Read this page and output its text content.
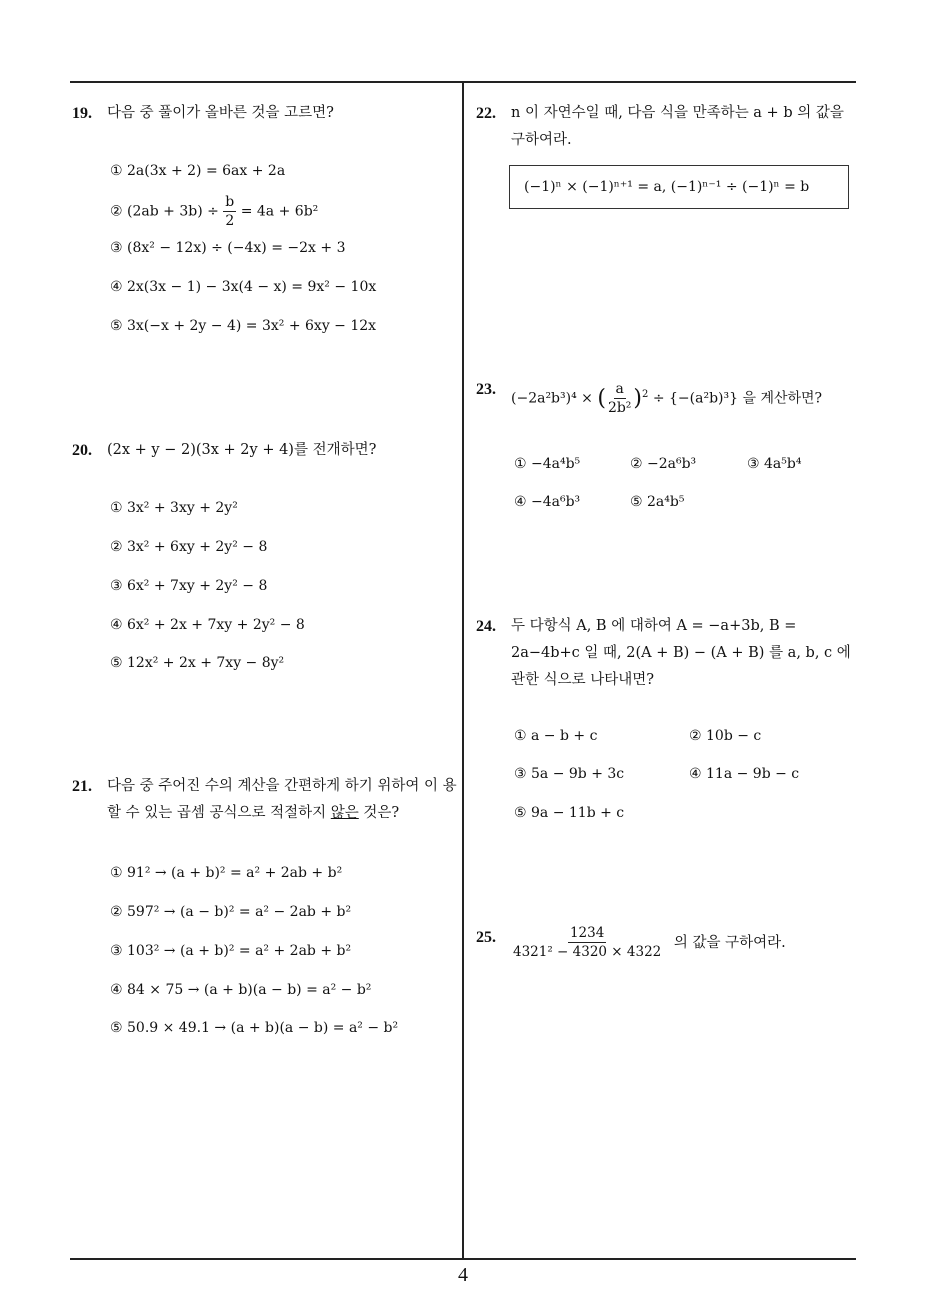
19.	다음 중 풀이가 올바른 것을 고르면?
① 2a(3x + 2) = 6ax + 2a
② $(2ab + 3b) \div \frac{b}{2} = 4a + 6b^2$
③ (8x² − 12x) ÷ (−4x) = −2x + 3
④ 2x(3x − 1) − 3x(4 − x) = 9x² − 10x
⑤ 3x(−x + 2y − 4) = 3x² + 6xy − 12x
20.	(2x + y − 2)(3x + 2y + 4)를 전개하면?
① 3x² + 3xy + 2y²
② 3x² + 6xy + 2y² − 8
③ 6x² + 7xy + 2y² − 8
④ 6x² + 2x + 7xy + 2y² − 8
⑤ 12x² + 2x + 7xy − 8y²
21.	다음 중 주어진 수의 계산을 간편하게 하기 위하여 이 용할 수 있는 곱셈 공식으로 적절하지 않은 것은?
① 91² → (a + b)² = a² + 2ab + b²
② 597² → (a − b)² = a² − 2ab + b²
③ 103² → (a + b)² = a² + 2ab + b²
④ 84 × 75 → (a + b)(a − b) = a² − b²
⑤ 50.9 × 49.1 → (a + b)(a − b) = a² − b²
22.	n 이 자연수일 때, 다음 식을 만족하는 a + b 의 값을 구하여라.
(−1)ⁿ × (−1)ⁿ⁺¹ = a, (−1)ⁿ⁻¹ ÷ (−1)ⁿ = b
23.
(−2a²b³)⁴ × ( $\frac{a}{\text{2b²}} )^2 \div \{-(a^2b)^3\}$ 을 계산하면?
① −4a⁴b⁵	② −2a⁶b³	③ 4a⁵b⁴
④ −4a⁶b³	⑤ 2a⁴b⁵
24.	두 다항식 A, B 에 대하여 A = −a+3b, B = 2a−4b+c 일 때, 2(A + B) − (A + B) 를 a, b, c 에 관한 식으로 나타내면?
① a − b + c	② 10b − c
③ 5a − 9b + 3c	④ 11a − 9b − c
⑤ 9a − 11b + c
25. $\frac{1234}{\text{4321² − 4320 × 4322}}$ 의 값을 구하여라.
4
